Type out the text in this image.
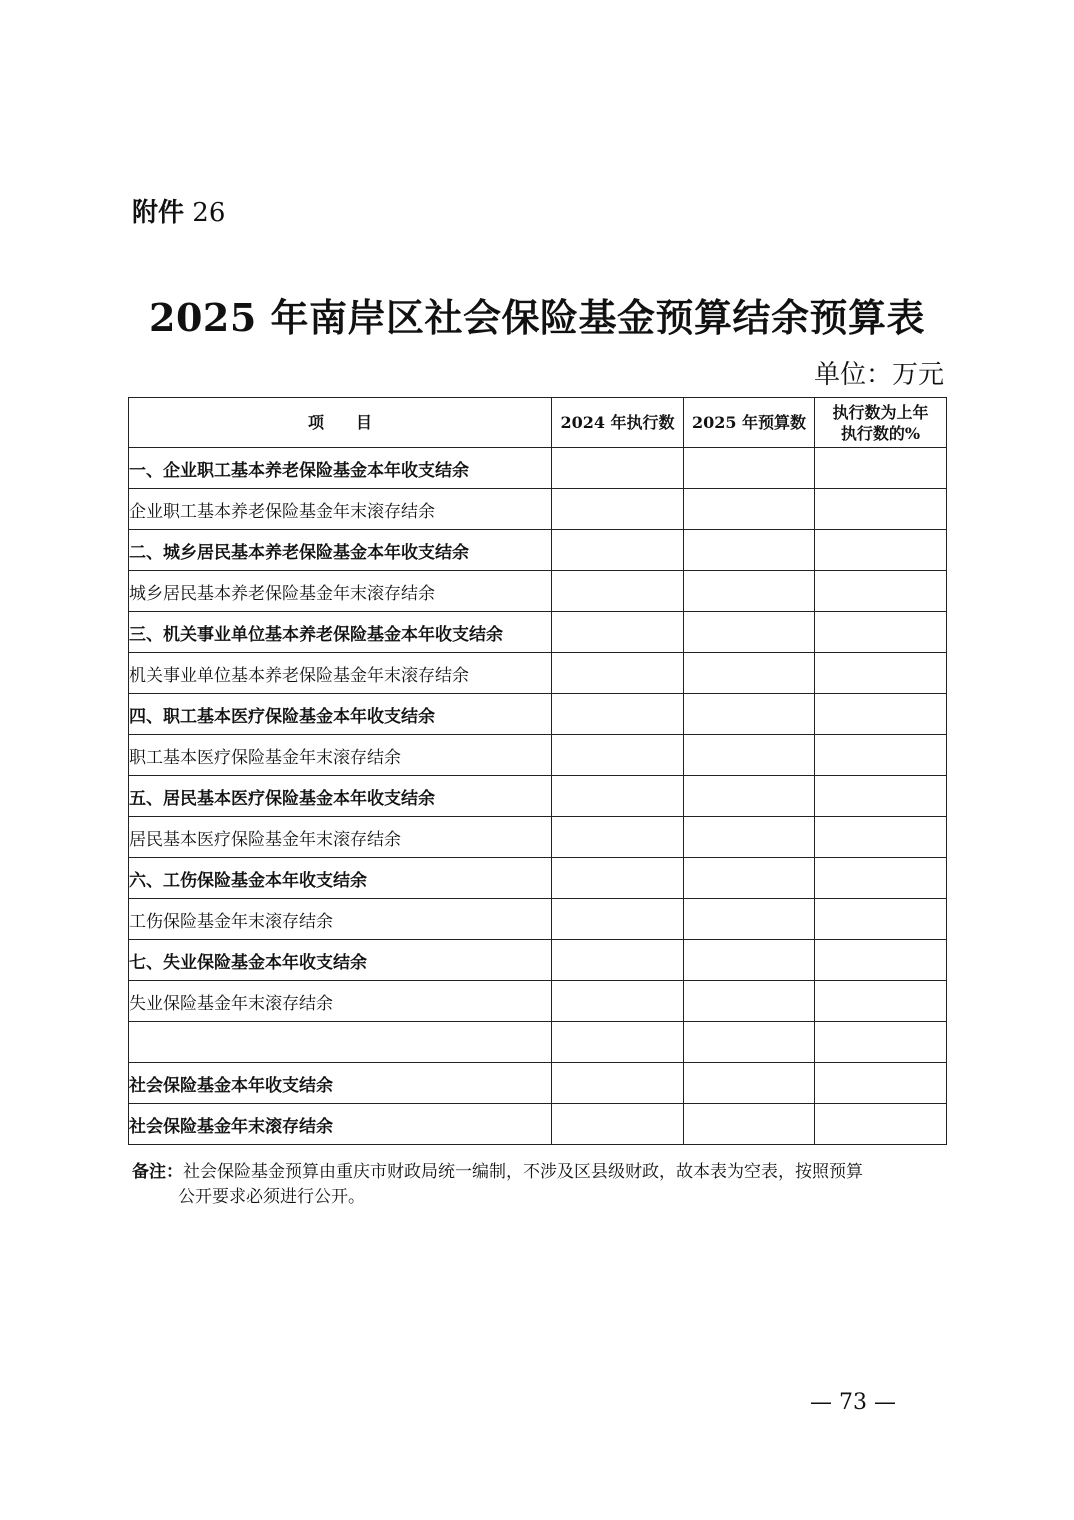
附件 26
2025 年南岸区社会保险基金预算结余预算表
单位：万元
项　　目	2024 年执行数	2025 年预算数	执行数为上年
执行数的%

一、企业职工基本养老保险基金本年收支结余			
企业职工基本养老保险基金年末滚存结余			
二、城乡居民基本养老保险基金本年收支结余			
城乡居民基本养老保险基金年末滚存结余			
三、机关事业单位基本养老保险基金本年收支结余			
机关事业单位基本养老保险基金年末滚存结余			
四、职工基本医疗保险基金本年收支结余			
职工基本医疗保险基金年末滚存结余			
五、居民基本医疗保险基金本年收支结余			
居民基本医疗保险基金年末滚存结余			
六、工伤保险基金本年收支结余			
工伤保险基金年末滚存结余			
七、失业保险基金本年收支结余			
失业保险基金年末滚存结余			

社会保险基金本年收支结余			
社会保险基金年末滚存结余			
备注：社会保险基金预算由重庆市财政局统一编制，不涉及区县级财政，故本表为空表，按照预算
公开要求必须进行公开。
— 73 —
